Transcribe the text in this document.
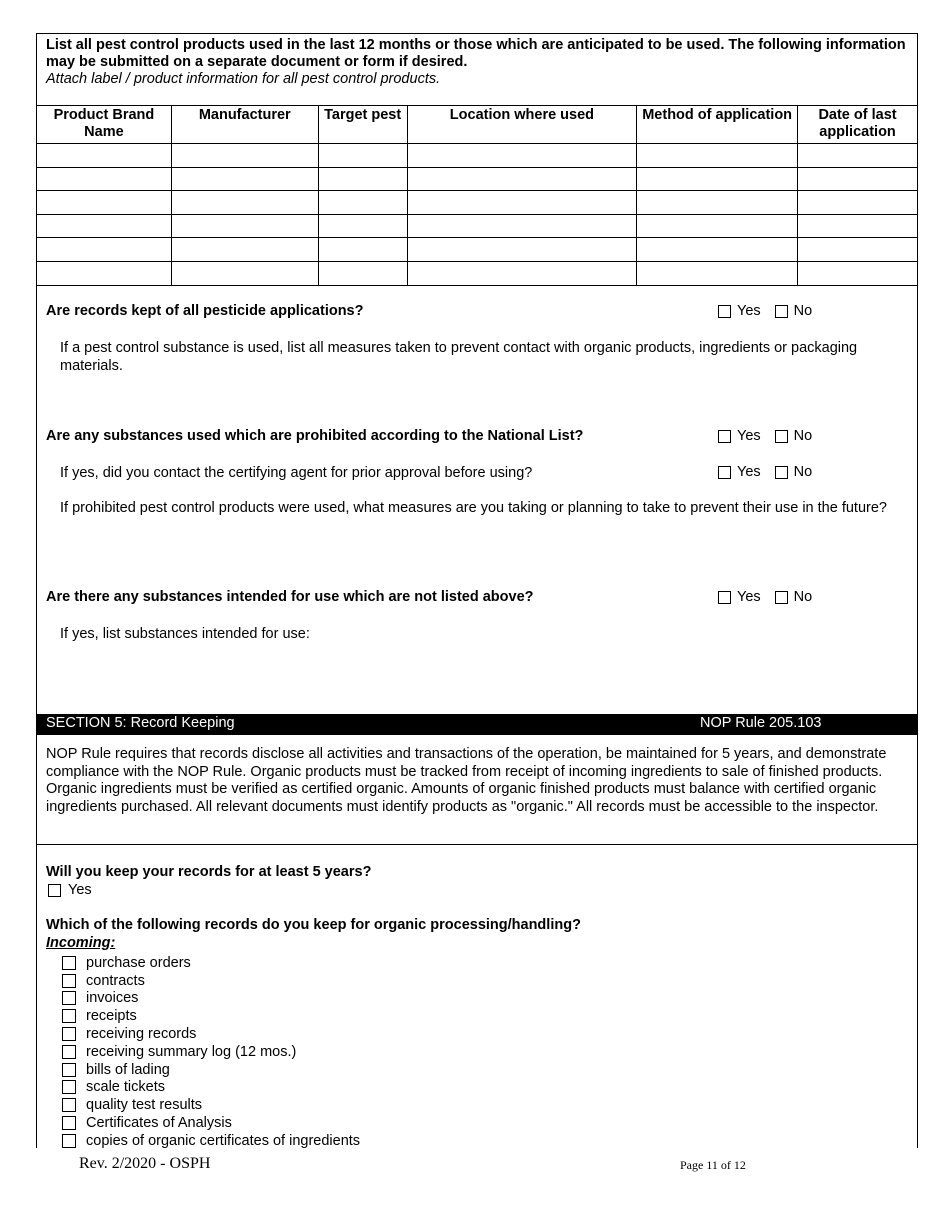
List all pest control products used in the last 12 months or those which are anticipated to be used. The following information may be submitted on a separate document or form if desired.
Attach label / product information for all pest control products.
Product Brand Name	Manufacturer	Target pest	Location where used	Method of application	Date of last application

Are records kept of all pesticide applications?	Yes No
If a pest control substance is used, list all measures taken to prevent contact with organic products, ingredients or packaging materials.
Are any substances used which are prohibited according to the National List?	Yes No
If yes, did you contact the certifying agent for prior approval before using?	Yes No
If prohibited pest control products were used, what measures are you taking or planning to take to prevent their use in the future?
Are there any substances intended for use which are not listed above?	Yes No
If yes, list substances intended for use:
SECTION 5: Record Keeping	NOP Rule 205.103
NOP Rule requires that records disclose all activities and transactions of the operation, be maintained for 5 years, and demonstrate compliance with the NOP Rule. Organic products must be tracked from receipt of incoming ingredients to sale of finished products. Organic ingredients must be verified as certified organic. Amounts of organic finished products must balance with certified organic ingredients purchased. All relevant documents must identify products as "organic." All records must be accessible to the inspector.
Will you keep your records for at least 5 years?
Yes
Which of the following records do you keep for organic processing/handling?
Incoming:
purchase orders
contracts
invoices
receipts
receiving records
receiving summary log (12 mos.)
bills of lading
scale tickets
quality test results
Certificates of Analysis
copies of organic certificates of ingredients
Rev. 2/2020 - OSPH	Page 11 of 12
